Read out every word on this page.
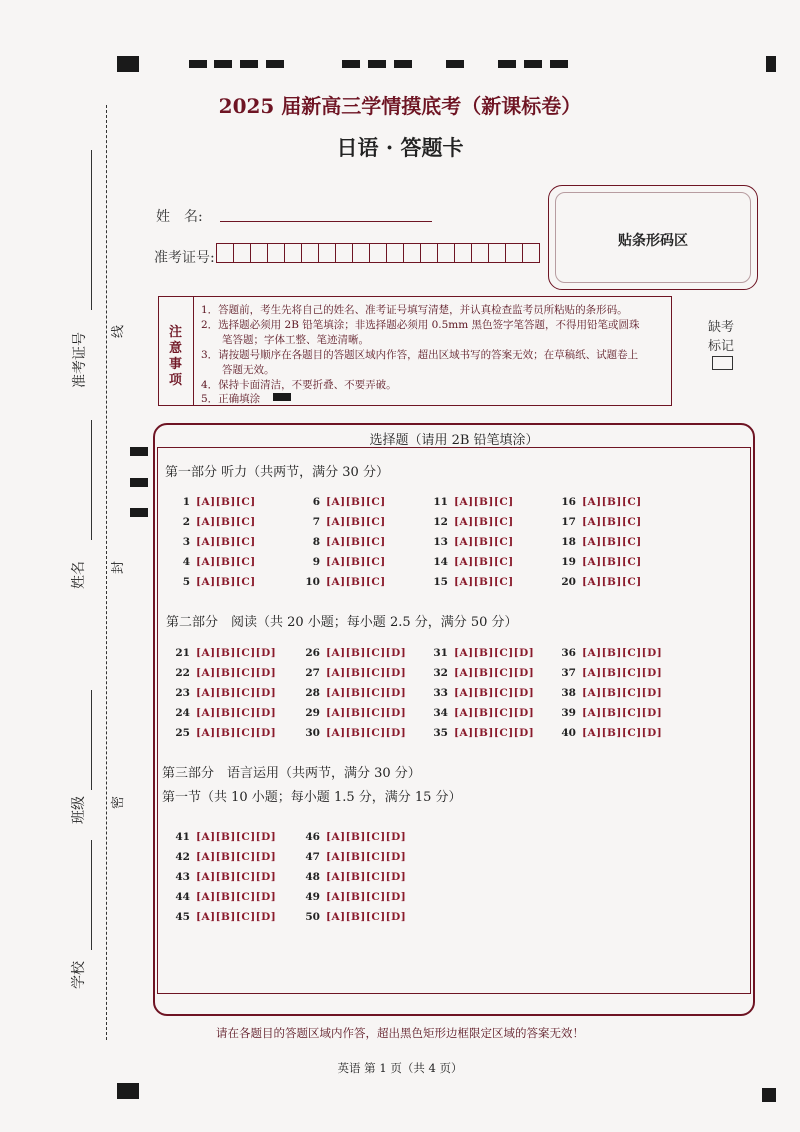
准考证号
姓名
班级
学校
线
封
密
2025 届新高三学情摸底考（新课标卷）
日语 · 答题卡
姓　名:
准考证号:
贴条形码区
缺考
标记
注
意
事
项
1．答题前，考生先将自己的姓名、准考证号填写清楚，并认真检查监考员所粘贴的条形码。
2．选择题必须用 2B 铅笔填涂；非选择题必须用 0.5mm 黑色签字笔答题，不得用铅笔或圆珠
　　笔答题；字体工整、笔迹清晰。
3．请按题号顺序在各题目的答题区域内作答，超出区域书写的答案无效；在草稿纸、试题卷上
　　答题无效。
4．保持卡面清洁，不要折叠、不要弄破。
5．正确填涂
选择题（请用 2B 铅笔填涂）
第一部分 听力（共两节，满分 30 分）
第二部分　阅读（共 20 小题；每小题 2.5 分，满分 50 分）
第三部分　语言运用（共两节，满分 30 分）
第一节（共 10 小题；每小题 1.5 分，满分 15 分）
1 [A][B][C]
2 [A][B][C]
3 [A][B][C]
4 [A][B][C]
5 [A][B][C]
6 [A][B][C]
7 [A][B][C]
8 [A][B][C]
9 [A][B][C]
10 [A][B][C]
11 [A][B][C]
12 [A][B][C]
13 [A][B][C]
14 [A][B][C]
15 [A][B][C]
16 [A][B][C]
17 [A][B][C]
18 [A][B][C]
19 [A][B][C]
20 [A][B][C]
21 [A][B][C][D]
22 [A][B][C][D]
23 [A][B][C][D]
24 [A][B][C][D]
25 [A][B][C][D]
26 [A][B][C][D]
27 [A][B][C][D]
28 [A][B][C][D]
29 [A][B][C][D]
30 [A][B][C][D]
31 [A][B][C][D]
32 [A][B][C][D]
33 [A][B][C][D]
34 [A][B][C][D]
35 [A][B][C][D]
36 [A][B][C][D]
37 [A][B][C][D]
38 [A][B][C][D]
39 [A][B][C][D]
40 [A][B][C][D]
41 [A][B][C][D]
42 [A][B][C][D]
43 [A][B][C][D]
44 [A][B][C][D]
45 [A][B][C][D]
46 [A][B][C][D]
47 [A][B][C][D]
48 [A][B][C][D]
49 [A][B][C][D]
50 [A][B][C][D]
请在各题目的答题区域内作答，超出黑色矩形边框限定区域的答案无效！
英语 第 1 页（共 4 页）
